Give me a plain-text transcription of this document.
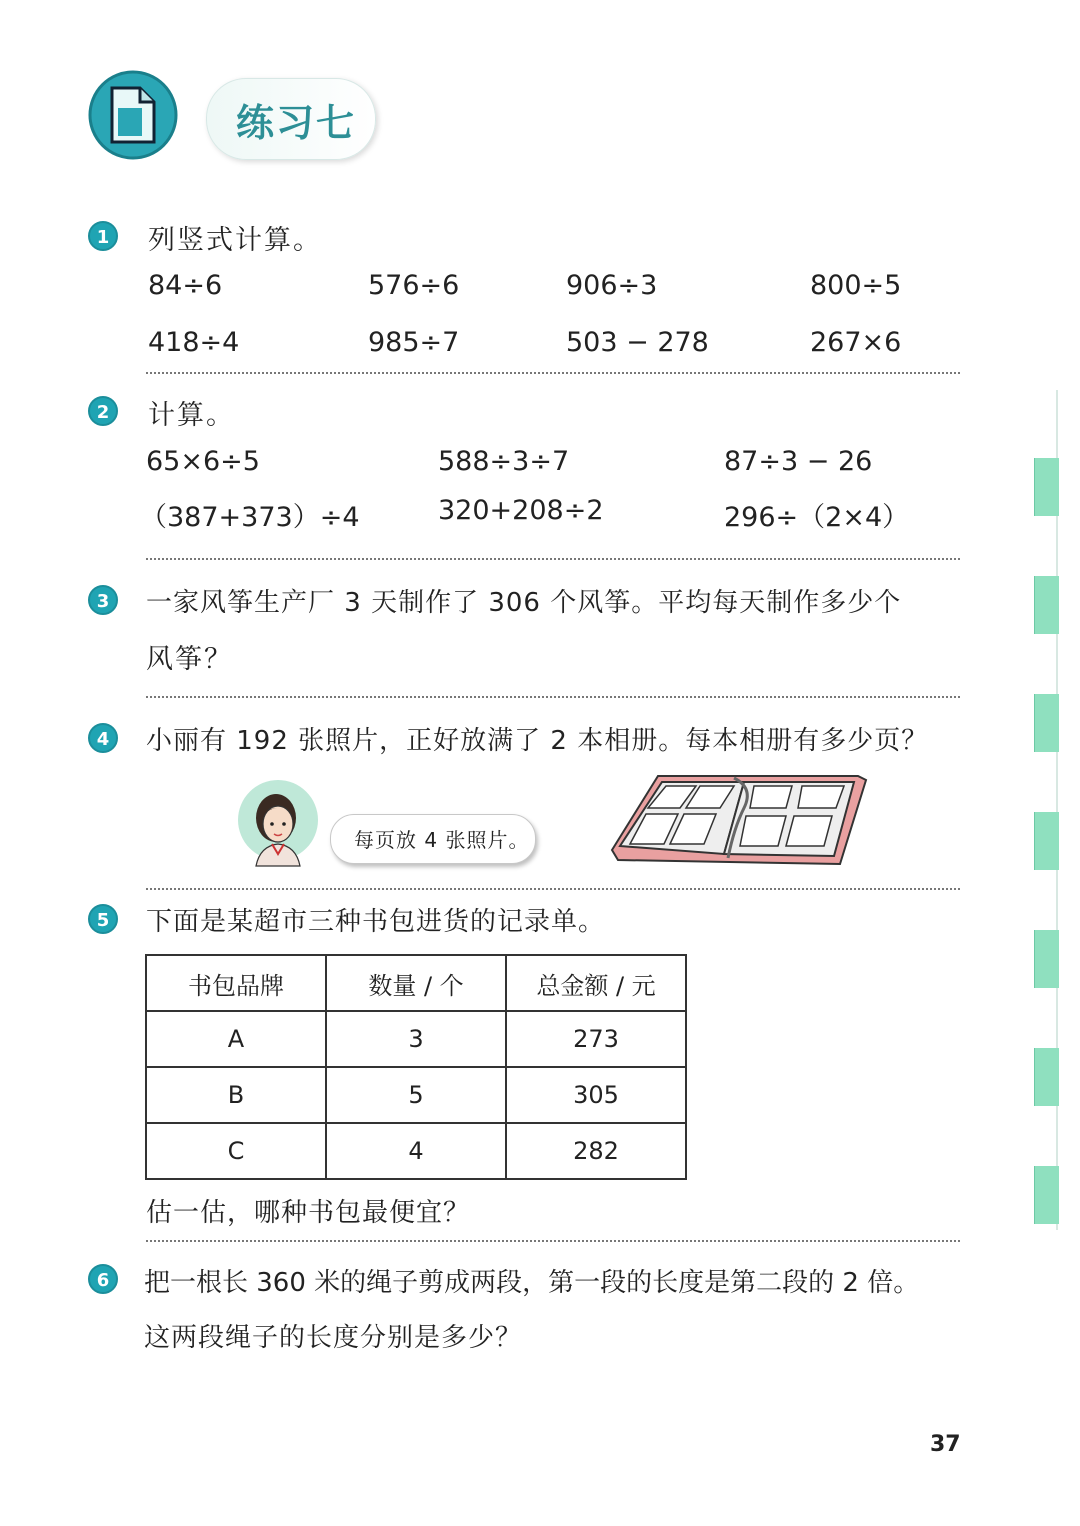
练习七
1	列竖式计算。
84÷6	576÷6	906÷3	800÷5
418÷4	985÷7	503 − 278	267×6
2	计算。
65×6÷5	588÷3÷7	87÷3 − 26
（387+373）÷4	320+208÷2	296÷（2×4）
3	一家风筝生产厂 3 天制作了 306 个风筝。平均每天制作多少个
风筝？
4	小丽有 192 张照片，正好放满了 2 本相册。每本相册有多少页？
每页放 4 张照片。
5	下面是某超市三种书包进货的记录单。
书包品牌	数量 / 个	总金额 / 元
A	3	273
B	5	305
C	4	282
估一估，哪种书包最便宜？
6	把一根长 360 米的绳子剪成两段，第一段的长度是第二段的 2 倍。
这两段绳子的长度分别是多少？
37
